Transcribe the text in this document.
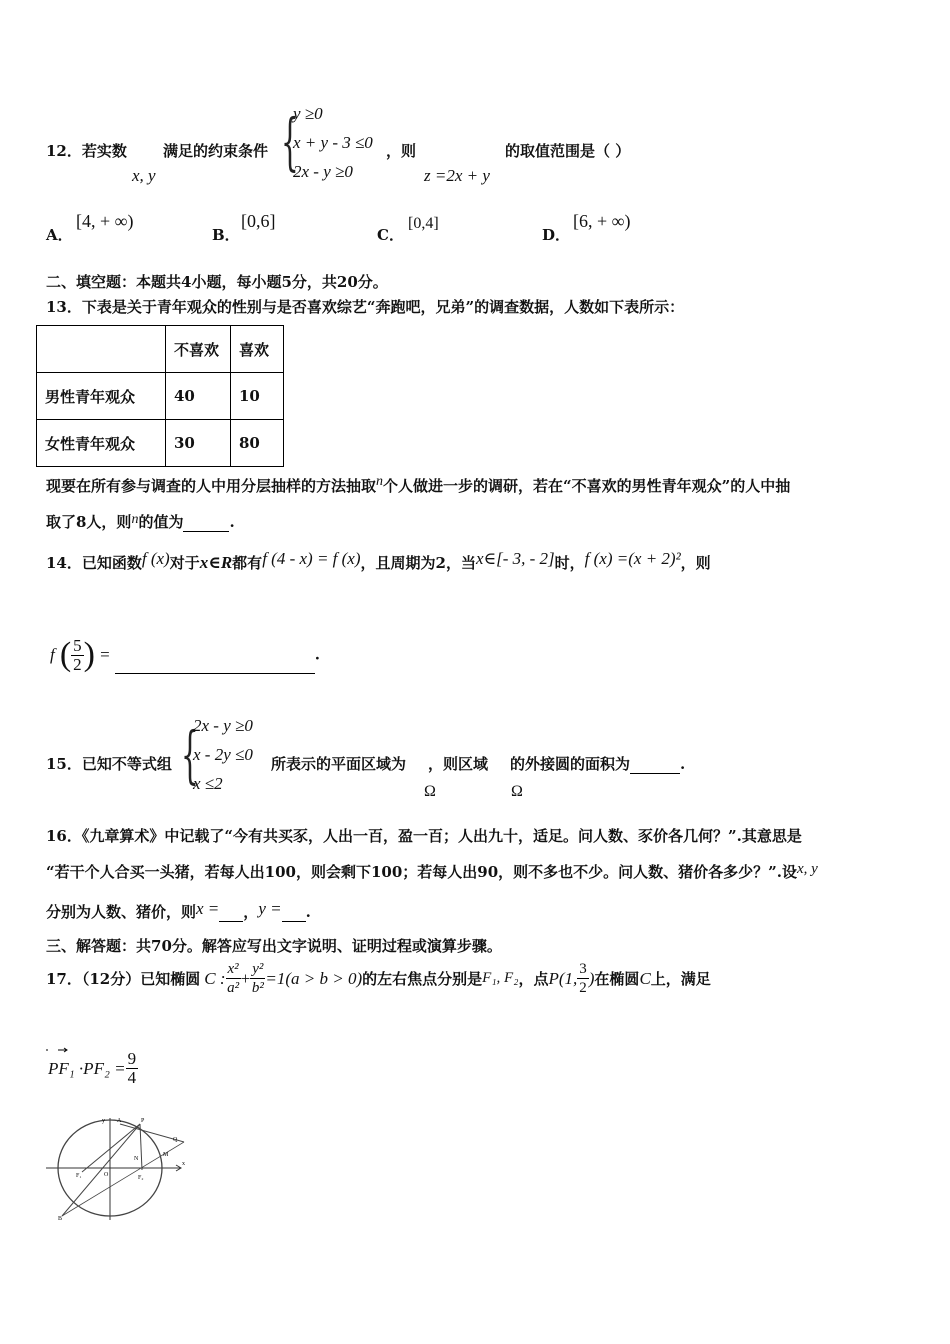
12．若实数
x, y
满足的约束条件 {
y ≥0
x + y - 3 ≤0
2x - y ≥0
，则
z =2x + y
的取值范围是（ ）
A．
[4, + ∞)
B．
[0,6]
C．
[0,4]
D．
[6, + ∞)
二、填空题：本题共4小题，每小题5分，共20分。
13．下表是关于青年观众的性别与是否喜欢综艺“奔跑吧，兄弟”的调查数据，人数如下表所示：
	不喜欢	喜欢
男性青年观众	40	10
女性青年观众	30	80
现要在所有参与调查的人中用分层抽样的方法抽取n个人做进一步的调研，若在“不喜欢的男性青年观众”的人中抽
取了8人，则n的值为	.
14．已知函数f (x)对于x∈R都有f (4 - x) = f (x)，且周期为2，当x∈[- 3, - 2]时，f (x) =(x + 2)²，则
f ( $\frac{5}{2}$ ) =	.
15．已知不等式组 {
2x - y ≥0
x - 2y ≤0
x ≤2
所表示的平面区域为 ，则区域 的外接圆的面积为	.
Ω	Ω
16．《九章算术》中记载了“今有共买豕，人出一百，盈一百；人出九十，适足。问人数、豕价各几何？”.其意思是
“若干个人合买一头猪，若每人出100，则会剩下100；若每人出90，则不多也不少。问人数、猪价各多少？”.设x, y
分别为人数、猪价，则x = ，y = .
三、解答题：共70分。解答应写出文字说明、证明过程或演算步骤。
17．（12分）已知椭圆 C : $\frac{\text{x²}}{\text{a²}} + \frac{\text{y²}}{\text{b²}} =1(a > b > 0)$ 的左右焦点分别是 F₁, F₂ ，点 P(1, $\frac{3}{2}$ ) 在椭圆 C 上，满足
$PF_1 \cdot PF_2 = \frac{9}{4}$
y A	P
Q
M
N
F₁	O	F₂
x
B
